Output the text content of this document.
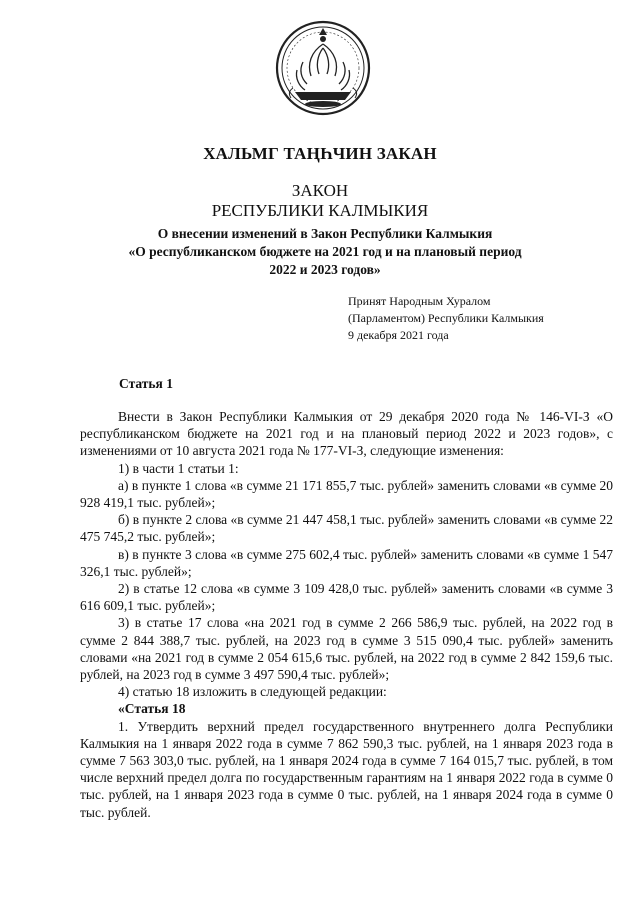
ХАЛЬМГ ТАҢҺЧИН ЗАКАН
ЗАКОН
РЕСПУБЛИКИ КАЛМЫКИЯ
О внесении изменений в Закон Республики Калмыкия
«О республиканском бюджете на 2021 год и на плановый период
2022 и 2023 годов»
Принят Народным Хуралом
(Парламентом) Республики Калмыкия
9 декабря 2021 года
Статья 1

Внести в Закон Республики Калмыкия от 29 декабря 2020 года № 146-VI-З «О республиканском бюджете на 2021 год и на плановый период 2022 и 2023 годов», с изменениями от 10 августа 2021 года № 177-VI-З, следующие изменения:

1) в части 1 статьи 1:

а) в пункте 1 слова «в сумме 21 171 855,7 тыс. рублей» заменить словами «в сумме 20 928 419,1 тыс. рублей»;

б) в пункте 2 слова «в сумме 21 447 458,1 тыс. рублей» заменить словами «в сумме 22 475 745,2 тыс. рублей»;

в) в пункте 3 слова «в сумме 275 602,4 тыс. рублей» заменить словами «в сумме 1 547 326,1 тыс. рублей»;

2) в статье 12 слова «в сумме 3 109 428,0 тыс. рублей» заменить словами «в сумме 3 616 609,1 тыс. рублей»;

3) в статье 17 слова «на 2021 год в сумме 2 266 586,9 тыс. рублей, на 2022 год в сумме 2 844 388,7 тыс. рублей, на 2023 год в сумме 3 515 090,4 тыс. рублей» заменить словами «на 2021 год в сумме 2 054 615,6 тыс. рублей, на 2022 год в сумме 2 842 159,6 тыс. рублей, на 2023 год в сумме 3 497 590,4 тыс. рублей»;

4) статью 18 изложить в следующей редакции:

«Статья 18

1. Утвердить верхний предел государственного внутреннего долга Республики Калмыкия на 1 января 2022 года в сумме 7 862 590,3 тыс. рублей, на 1 января 2023 года в сумме 7 563 303,0 тыс. рублей, на 1 января 2024 года в сумме 7 164 015,7 тыс. рублей, в том числе верхний предел долга по государственным гарантиям на 1 января 2022 года в сумме 0 тыс. рублей, на 1 января 2023 года в сумме 0 тыс. рублей, на 1 января 2024 года в сумме 0 тыс. рублей.
